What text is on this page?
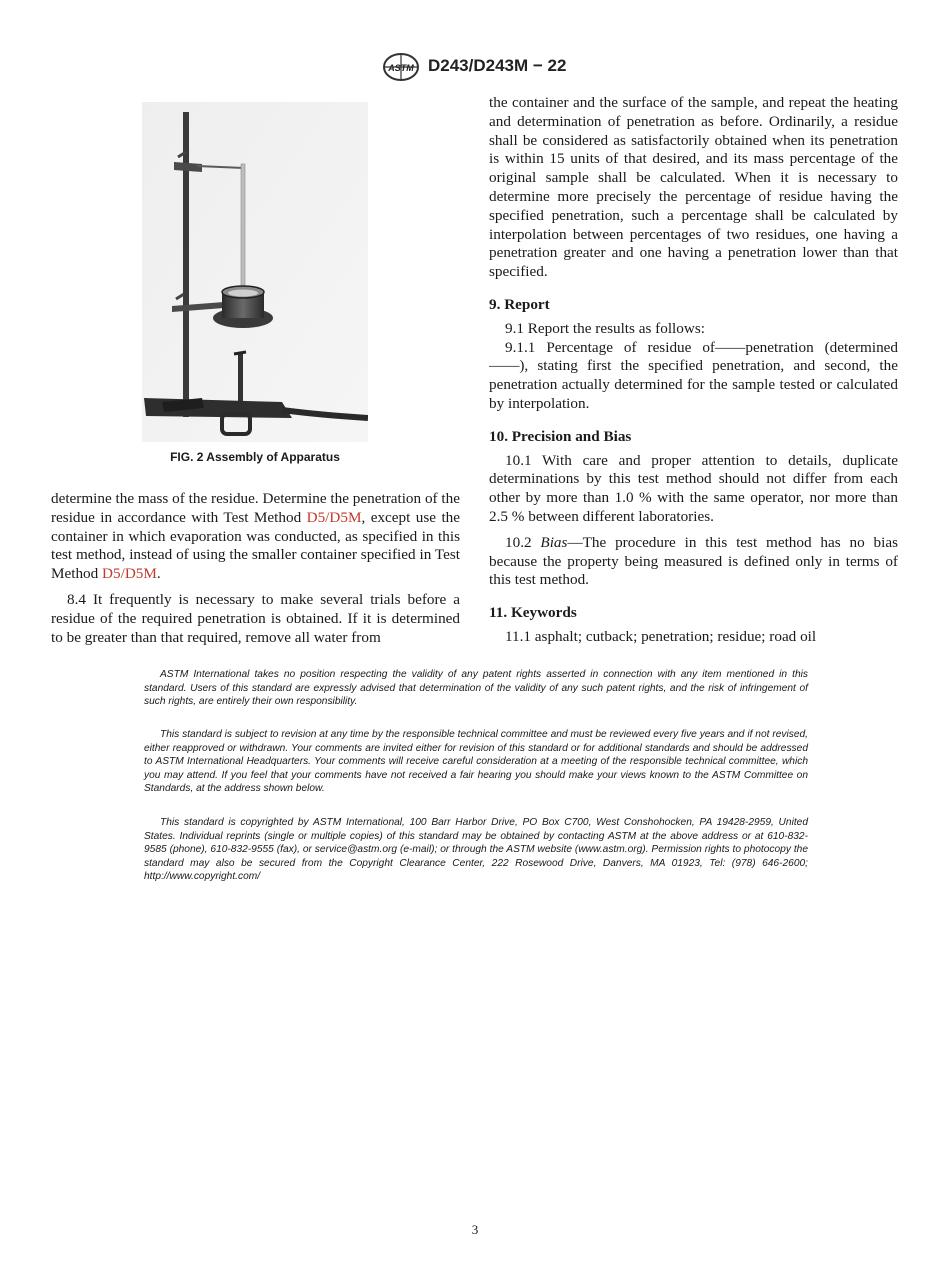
ASTM D243/D243M − 22
FIG. 2 Assembly of Apparatus

determine the mass of the residue. Determine the penetration of the residue in accordance with Test Method D5/D5M, except use the container in which evaporation was conducted, as specified in this test method, instead of using the smaller container specified in Test Method D5/D5M.

8.4 It frequently is necessary to make several trials before a residue of the required penetration is obtained. If it is determined to be greater than that required, remove all water from

the container and the surface of the sample, and repeat the heating and determination of penetration as before. Ordinarily, a residue shall be considered as satisfactorily obtained when its penetration is within 15 units of that desired, and its mass percentage of the original sample shall be calculated. When it is necessary to determine more precisely the percentage of residue having the specified penetration, such a percentage shall be calculated by interpolation between percentages of two residues, one having a penetration greater and one having a penetration lower than that specified.

9. Report

9.1 Report the results as follows:

9.1.1 Percentage of residue of——penetration (determined——), stating first the specified penetration, and second, the penetration actually determined for the sample tested or calculated by interpolation.

10. Precision and Bias

10.1 With care and proper attention to details, duplicate determinations by this test method should not differ from each other by more than 1.0 % with the same operator, nor more than 2.5 % between different laboratories.

10.2 Bias—The procedure in this test method has no bias because the property being measured is defined only in terms of this test method.

11. Keywords

11.1 asphalt; cutback; penetration; residue; road oil

ASTM International takes no position respecting the validity of any patent rights asserted in connection with any item mentioned in this standard. Users of this standard are expressly advised that determination of the validity of any such patent rights, and the risk of infringement of such rights, are entirely their own responsibility.

This standard is subject to revision at any time by the responsible technical committee and must be reviewed every five years and if not revised, either reapproved or withdrawn. Your comments are invited either for revision of this standard or for additional standards and should be addressed to ASTM International Headquarters. Your comments will receive careful consideration at a meeting of the responsible technical committee, which you may attend. If you feel that your comments have not received a fair hearing you should make your views known to the ASTM Committee on Standards, at the address shown below.

This standard is copyrighted by ASTM International, 100 Barr Harbor Drive, PO Box C700, West Conshohocken, PA 19428-2959, United States. Individual reprints (single or multiple copies) of this standard may be obtained by contacting ASTM at the above address or at 610-832-9585 (phone), 610-832-9555 (fax), or service@astm.org (e-mail); or through the ASTM website (www.astm.org). Permission rights to photocopy the standard may also be secured from the Copyright Clearance Center, 222 Rosewood Drive, Danvers, MA 01923, Tel: (978) 646-2600; http://www.copyright.com/

3
